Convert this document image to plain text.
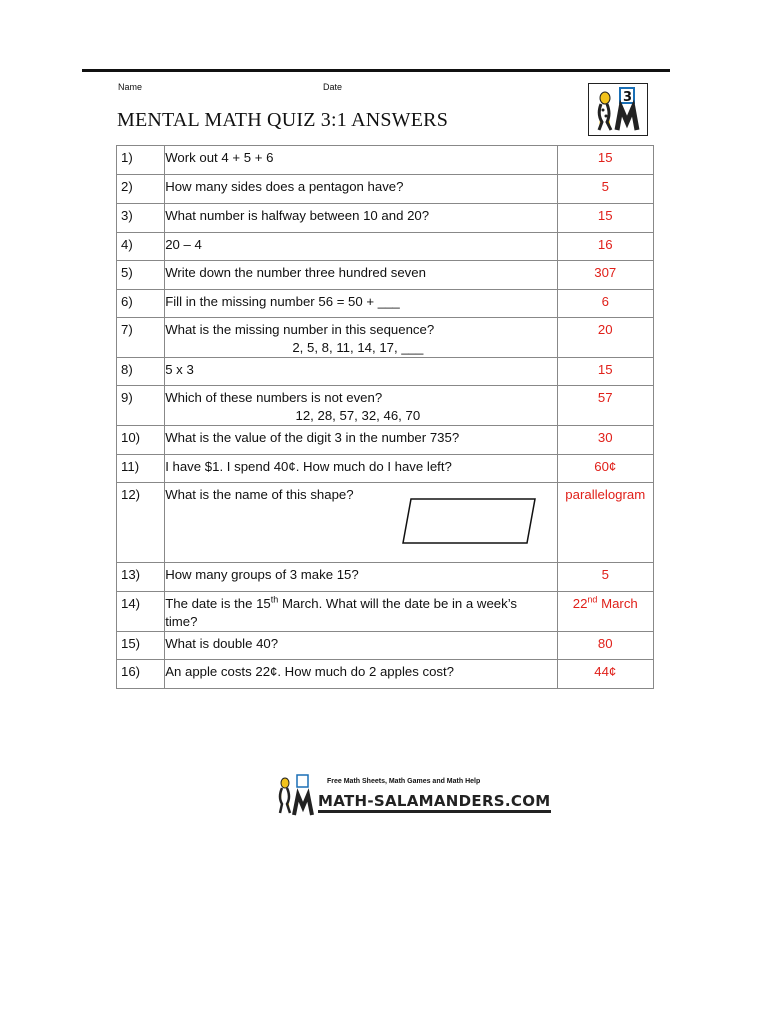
Name	Date
MENTAL MATH QUIZ 3:1 ANSWERS
3
1)	Work out 4 + 5 + 6	15
2)	How many sides does a pentagon have?	5
3)	What number is halfway between 10 and 20?	15
4)	20 – 4	16
5)	Write down the number three hundred seven	307
6)	Fill in the missing number 56 = 50 + ___	6
7)	What is the missing number in this sequence?
2, 5, 8, 11, 14, 17, ___	20
8)	5 x 3	15
9)	Which of these numbers is not even?
12, 28, 57, 32, 46, 70	57
10)	What is the value of the digit 3 in the number 735?	30
11)	I have $1. I spend 40¢. How much do I have left?	60¢
12)	What is the name of this shape?	parallelogram
13)	How many groups of 3 make 15?	5
14)	The date is the 15th March. What will the date be in a week’s time?	22nd March
15)	What is double 40?	80
16)	An apple costs 22¢. How much do 2 apples cost?	44¢
Free Math Sheets, Math Games and Math Help
MATH-SALAMANDERS.COM
